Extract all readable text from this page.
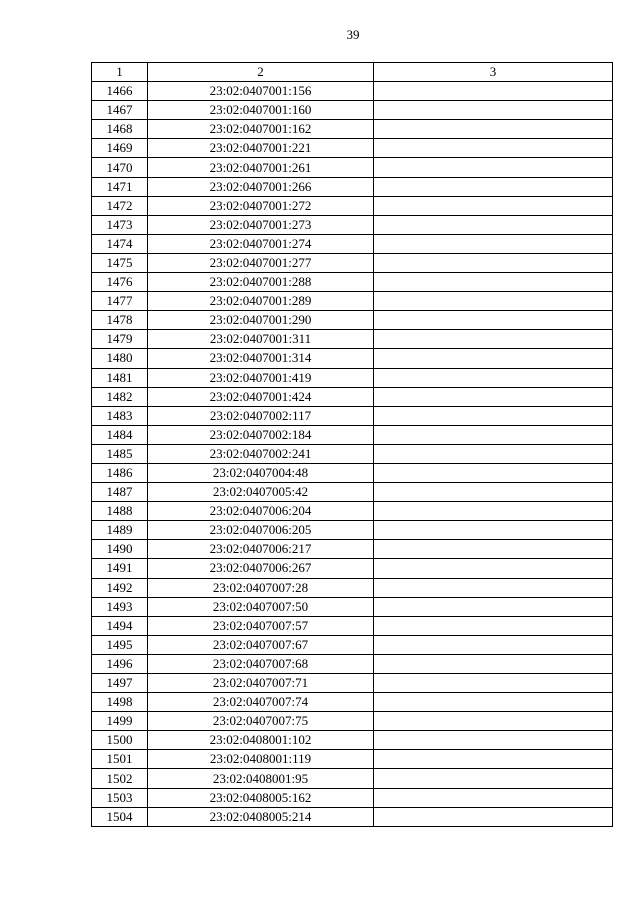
39
1	2	3
1466	23:02:0407001:156	
1467	23:02:0407001:160	
1468	23:02:0407001:162	
1469	23:02:0407001:221	
1470	23:02:0407001:261	
1471	23:02:0407001:266	
1472	23:02:0407001:272	
1473	23:02:0407001:273	
1474	23:02:0407001:274	
1475	23:02:0407001:277	
1476	23:02:0407001:288	
1477	23:02:0407001:289	
1478	23:02:0407001:290	
1479	23:02:0407001:311	
1480	23:02:0407001:314	
1481	23:02:0407001:419	
1482	23:02:0407001:424	
1483	23:02:0407002:117	
1484	23:02:0407002:184	
1485	23:02:0407002:241	
1486	23:02:0407004:48	
1487	23:02:0407005:42	
1488	23:02:0407006:204	
1489	23:02:0407006:205	
1490	23:02:0407006:217	
1491	23:02:0407006:267	
1492	23:02:0407007:28	
1493	23:02:0407007:50	
1494	23:02:0407007:57	
1495	23:02:0407007:67	
1496	23:02:0407007:68	
1497	23:02:0407007:71	
1498	23:02:0407007:74	
1499	23:02:0407007:75	
1500	23:02:0408001:102	
1501	23:02:0408001:119	
1502	23:02:0408001:95	
1503	23:02:0408005:162	
1504	23:02:0408005:214	
